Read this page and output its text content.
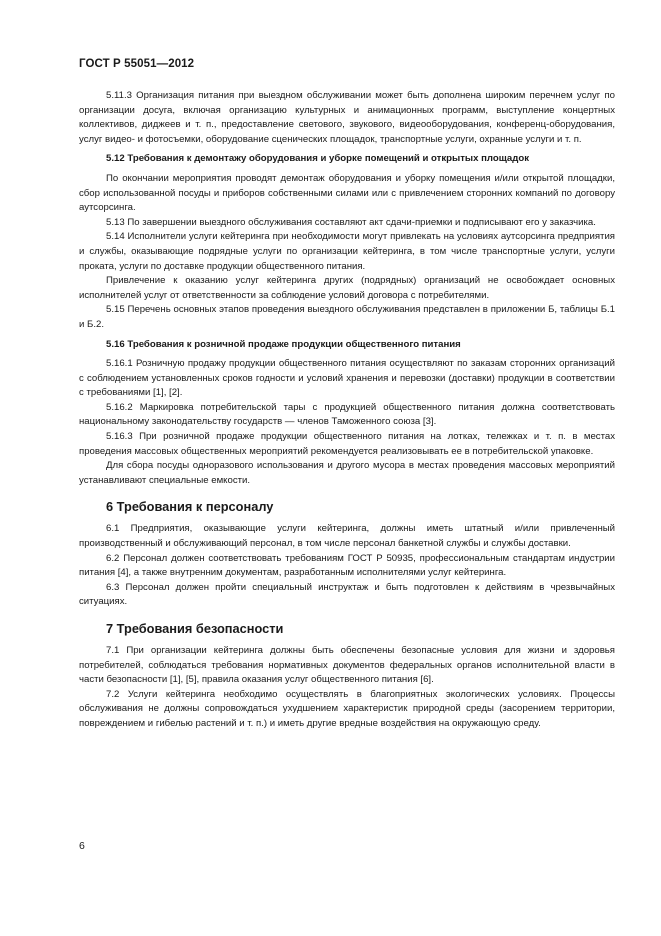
ГОСТ Р 55051—2012

5.11.3 Организация питания при выездном обслуживании может быть дополнена широким перечнем услуг по организации досуга, включая организацию культурных и анимационных программ, выступление концертных коллективов, диджеев и т. п., предоставление светового, звукового, видеооборудования, конференц-оборудования, услуг видео- и фотосъемки, оборудование сценических площадок, транспортные услуги, охранные услуги и т. п.

5.12 Требования к демонтажу оборудования и уборке помещений и открытых площадок

По окончании мероприятия проводят демонтаж оборудования и уборку помещения и/или открытой площадки, сбор использованной посуды и приборов собственными силами или с привлечением сторонних компаний по договору аутсорсинга.

5.13 По завершении выездного обслуживания составляют акт сдачи-приемки и подписывают его у заказчика.

5.14 Исполнители услуги кейтеринга при необходимости могут привлекать на условиях аутсорсинга предприятия и службы, оказывающие подрядные услуги по организации кейтеринга, в том числе транспортные услуги, услуги проката, услуги по доставке продукции общественного питания.

Привлечение к оказанию услуг кейтеринга других (подрядных) организаций не освобождает основных исполнителей услуг от ответственности за соблюдение условий договора с потребителями.

5.15 Перечень основных этапов проведения выездного обслуживания представлен в приложении Б, таблицы Б.1 и Б.2.

5.16 Требования к розничной продаже продукции общественного питания

5.16.1 Розничную продажу продукции общественного питания осуществляют по заказам сторонних организаций с соблюдением установленных сроков годности и условий хранения и перевозки (доставки) продукции в соответствии с требованиями [1], [2].

5.16.2 Маркировка потребительской тары с продукцией общественного питания должна соответствовать национальному законодательству государств — членов Таможенного союза [3].

5.16.3 При розничной продаже продукции общественного питания на лотках, тележках и т. п. в местах проведения массовых общественных мероприятий рекомендуется реализовывать ее в потребительской упаковке.

Для сбора посуды одноразового использования и другого мусора в местах проведения массовых мероприятий устанавливают специальные емкости.

6 Требования к персоналу

6.1 Предприятия, оказывающие услуги кейтеринга, должны иметь штатный и/или привлеченный производственный и обслуживающий персонал, в том числе персонал банкетной службы и службы доставки.

6.2 Персонал должен соответствовать требованиям ГОСТ Р 50935, профессиональным стандартам индустрии питания [4], а также внутренним документам, разработанным исполнителями услуг кейтеринга.

6.3 Персонал должен пройти специальный инструктаж и быть подготовлен к действиям в чрезвычайных ситуациях.

7 Требования безопасности

7.1 При организации кейтеринга должны быть обеспечены безопасные условия для жизни и здоровья потребителей, соблюдаться требования нормативных документов федеральных органов исполнительной власти в части безопасности [1], [5], правила оказания услуг общественного питания [6].

7.2 Услуги кейтеринга необходимо осуществлять в благоприятных экологических условиях. Процессы обслуживания не должны сопровождаться ухудшением характеристик природной среды (засорением территории, повреждением и гибелью растений и т. п.) и иметь другие вредные воздействия на окружающую среду.

6
